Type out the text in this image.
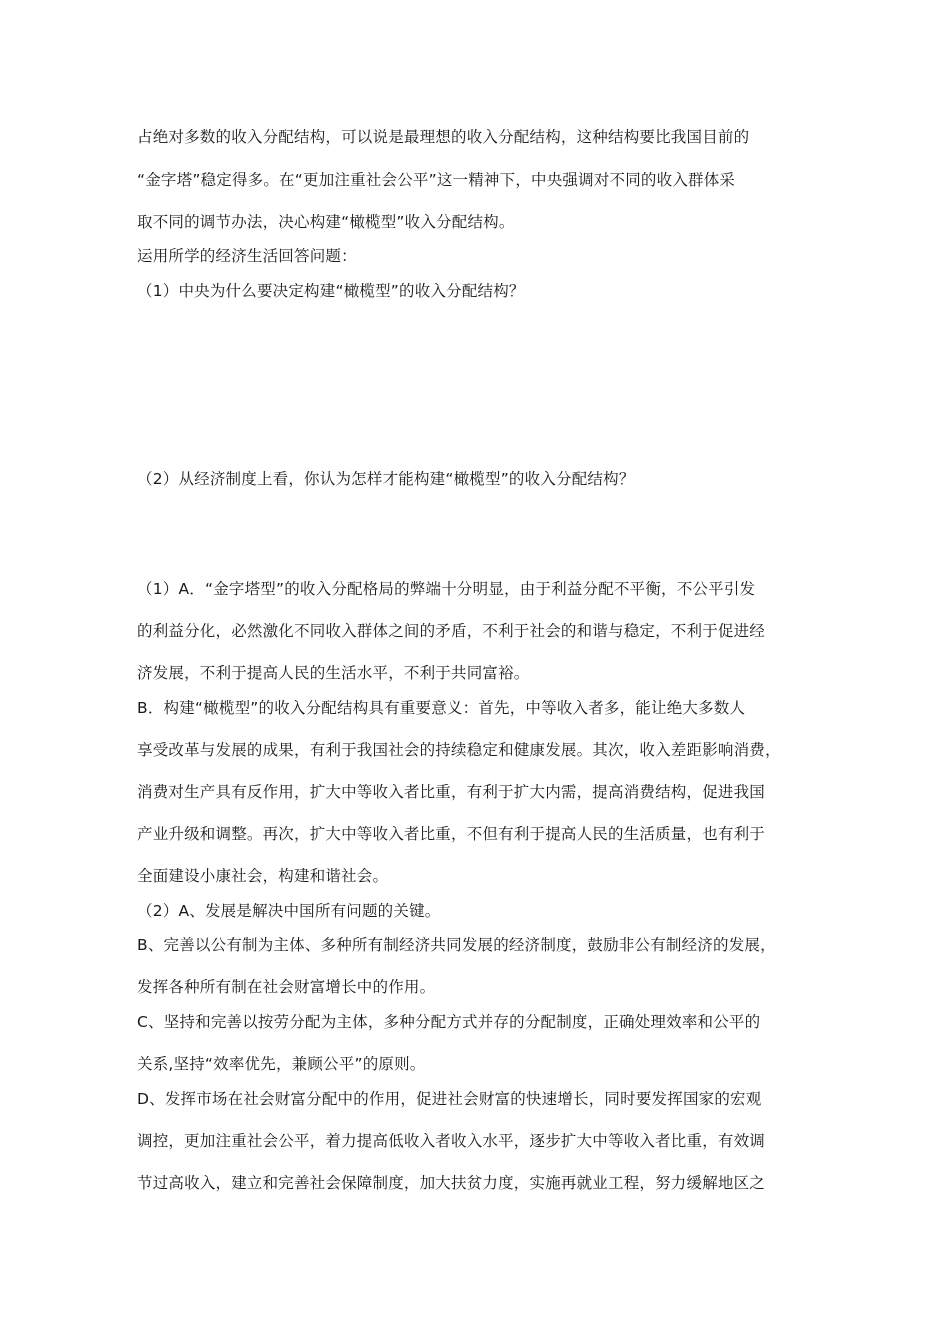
占绝对多数的收入分配结构，可以说是最理想的收入分配结构，这种结构要比我国目前的
“金字塔”稳定得多。在“更加注重社会公平”这一精神下，中央强调对不同的收入群体采
取不同的调节办法，决心构建“橄榄型”收入分配结构。
运用所学的经济生活回答问题：
（1）中央为什么要决定构建“橄榄型”的收入分配结构？
（2）从经济制度上看，你认为怎样才能构建“橄榄型”的收入分配结构？
（1）A．“金字塔型”的收入分配格局的弊端十分明显，由于利益分配不平衡，不公平引发
的利益分化，必然激化不同收入群体之间的矛盾，不利于社会的和谐与稳定，不利于促进经
济发展，不利于提高人民的生活水平，不利于共同富裕。
B．构建“橄榄型”的收入分配结构具有重要意义：首先，中等收入者多，能让绝大多数人
享受改革与发展的成果，有利于我国社会的持续稳定和健康发展。其次，收入差距影响消费，
消费对生产具有反作用，扩大中等收入者比重，有利于扩大内需，提高消费结构，促进我国
产业升级和调整。再次，扩大中等收入者比重，不但有利于提高人民的生活质量，也有利于
全面建设小康社会，构建和谐社会。
（2）A、发展是解决中国所有问题的关键。
B、完善以公有制为主体、多种所有制经济共同发展的经济制度，鼓励非公有制经济的发展，
发挥各种所有制在社会财富增长中的作用。
C、坚持和完善以按劳分配为主体，多种分配方式并存的分配制度，正确处理效率和公平的
关系,坚持“效率优先，兼顾公平”的原则。
D、发挥市场在社会财富分配中的作用，促进社会财富的快速增长，同时要发挥国家的宏观
调控，更加注重社会公平，着力提高低收入者收入水平，逐步扩大中等收入者比重，有效调
节过高收入，建立和完善社会保障制度，加大扶贫力度，实施再就业工程，努力缓解地区之
